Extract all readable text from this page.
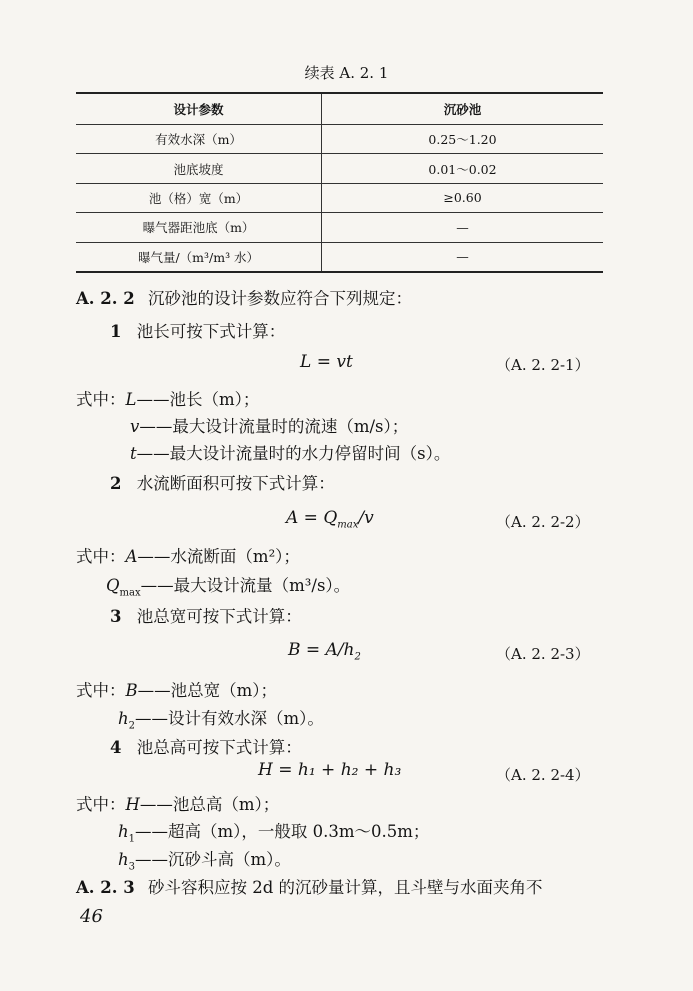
续表 A. 2. 1
设计参数	沉砂池
有效水深（m）	0.25～1.20
池底坡度	0.01～0.02
池（格）宽（m）	≥0.60
曝气器距池底（m）	—
曝气量/（m³/m³ 水）	—
A. 2. 2 沉砂池的设计参数应符合下列规定：
1 池长可按下式计算：
L = vt	（A. 2. 2-1）
式中：L——池长（m）；
v——最大设计流量时的流速（m/s）；
t——最大设计流量时的水力停留时间（s）。
2 水流断面积可按下式计算：
$A = Q_{max}/v$	（A. 2. 2-2）
式中：A——水流断面（m²）；
$Q_{max}——$最大设计流量（m³/s）。
3 池总宽可按下式计算：
$B = A/h_2$	（A. 2. 2-3）
式中：B——池总宽（m）；
$h_2——$设计有效水深（m）。
4 池总高可按下式计算：
H = h₁ + h₂ + h₃	（A. 2. 2-4）
式中：H——池总高（m）；
$h_1——$超高（m），一般取 0.3m～0.5m；
$h_3——$沉砂斗高（m）。
A. 2. 3 砂斗容积应按 2d 的沉砂量计算，且斗壁与水面夹角不
46
